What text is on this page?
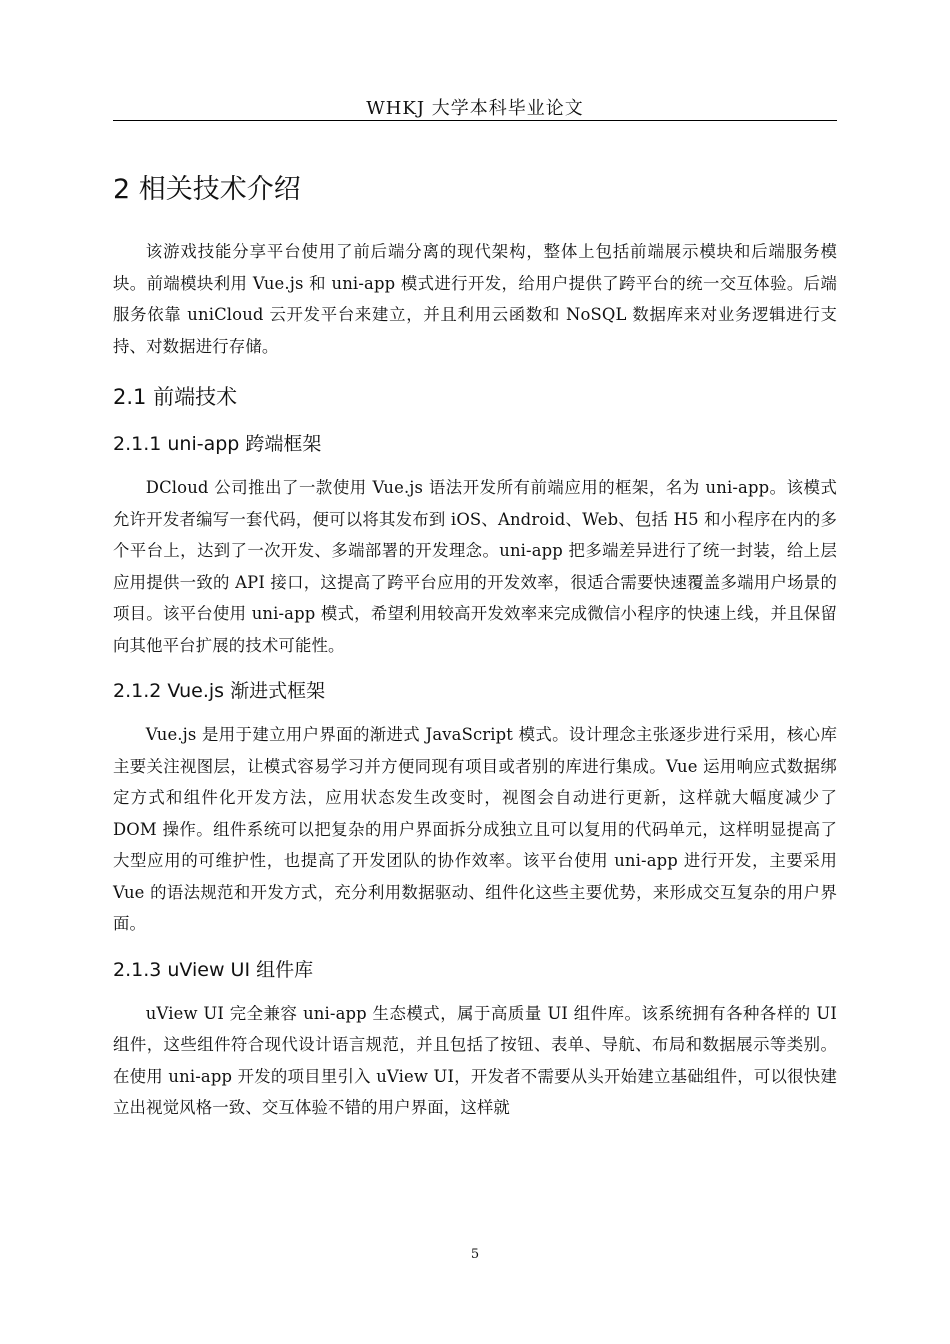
WHKJ 大学本科毕业论文
2 相关技术介绍

该游戏技能分享平台使用了前后端分离的现代架构，整体上包括前端展示模块和后端服务模块。前端模块利用 Vue.js 和 uni-app 模式进行开发，给用户提供了跨平台的统一交互体验。后端服务依靠 uniCloud 云开发平台来建立，并且利用云函数和 NoSQL 数据库来对业务逻辑进行支持、对数据进行存储。

2.1 前端技术
2.1.1 uni-app 跨端框架

DCloud 公司推出了一款使用 Vue.js 语法开发所有前端应用的框架，名为 uni-app。该模式允许开发者编写一套代码，便可以将其发布到 iOS、Android、Web、包括 H5 和小程序在内的多个平台上，达到了一次开发、多端部署的开发理念。uni-app 把多端差异进行了统一封装，给上层应用提供一致的 API 接口，这提高了跨平台应用的开发效率，很适合需要快速覆盖多端用户场景的项目。该平台使用 uni-app 模式，希望利用较高开发效率来完成微信小程序的快速上线，并且保留向其他平台扩展的技术可能性。

2.1.2 Vue.js 渐进式框架

Vue.js 是用于建立用户界面的渐进式 JavaScript 模式。设计理念主张逐步进行采用，核心库主要关注视图层，让模式容易学习并方便同现有项目或者别的库进行集成。Vue 运用响应式数据绑定方式和组件化开发方法，应用状态发生改变时，视图会自动进行更新，这样就大幅度减少了 DOM 操作。组件系统可以把复杂的用户界面拆分成独立且可以复用的代码单元，这样明显提高了大型应用的可维护性，也提高了开发团队的协作效率。该平台使用 uni-app 进行开发，主要采用 Vue 的语法规范和开发方式，充分利用数据驱动、组件化这些主要优势，来形成交互复杂的用户界面。

2.1.3 uView UI 组件库

uView UI 完全兼容 uni-app 生态模式，属于高质量 UI 组件库。该系统拥有各种各样的 UI 组件，这些组件符合现代设计语言规范，并且包括了按钮、表单、导航、布局和数据展示等类别。在使用 uni-app 开发的项目里引入 uView UI，开发者不需要从头开始建立基础组件，可以很快建立出视觉风格一致、交互体验不错的用户界面，这样就

5
